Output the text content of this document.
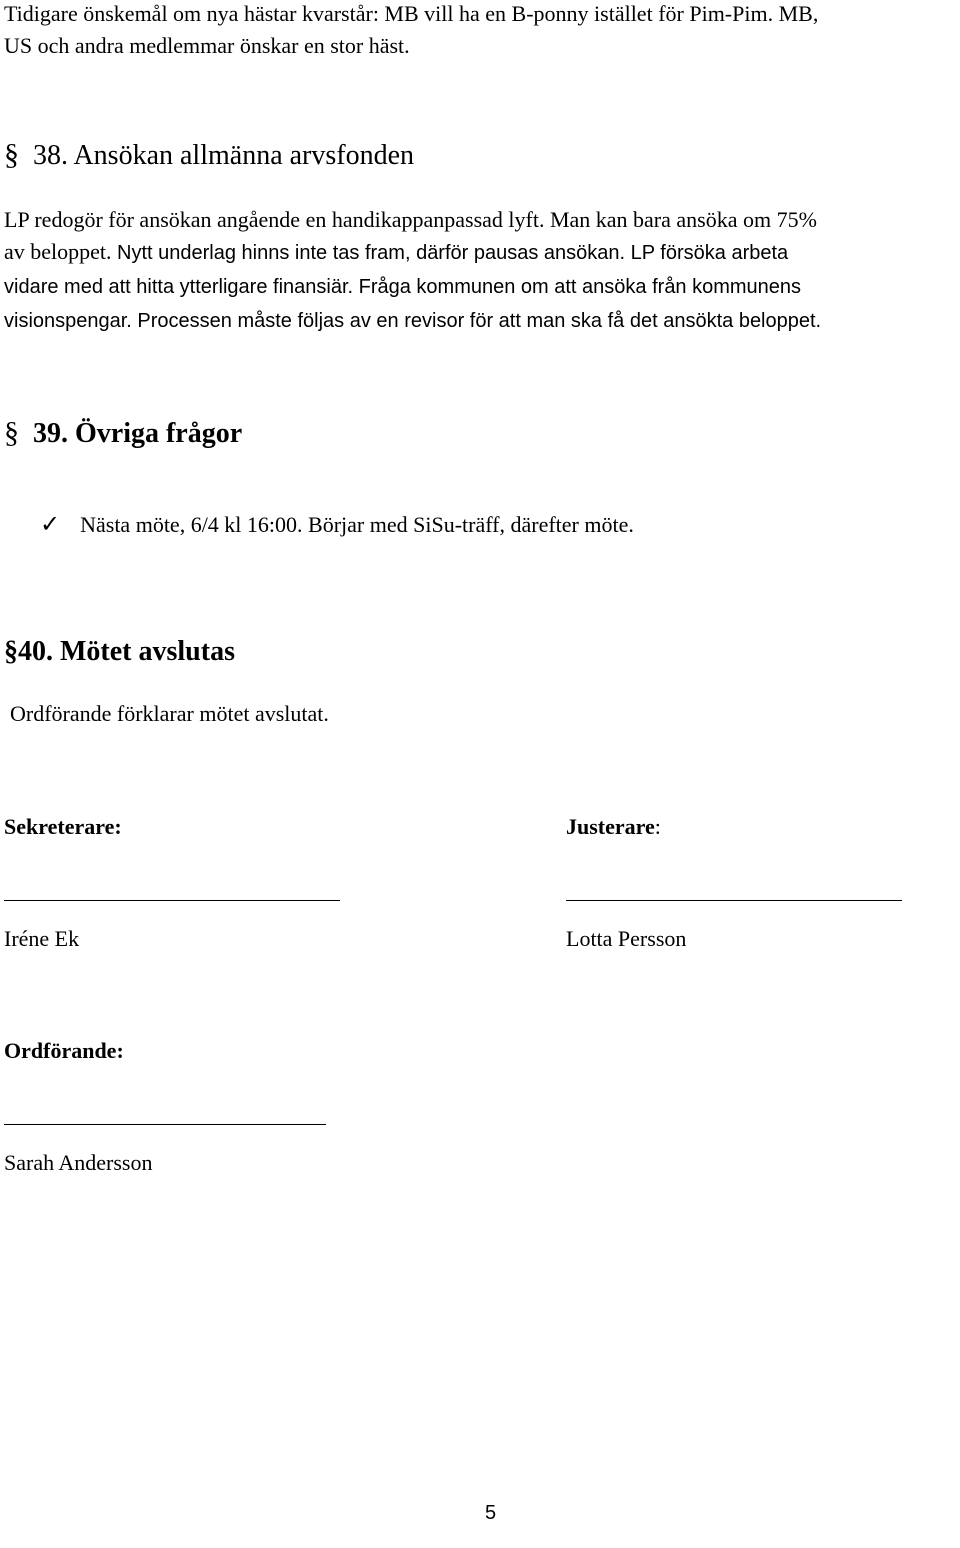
Tidigare önskemål om nya hästar kvarstår: MB vill ha en B-ponny istället för Pim-Pim. MB,
US och andra medlemmar önskar en stor häst.
§ 38. Ansökan allmänna arvsfonden
LP redogör för ansökan angående en handikappanpassad lyft. Man kan bara ansöka om 75%
av beloppet. Nytt underlag hinns inte tas fram, därför pausas ansökan. LP försöka arbeta
vidare med att hitta ytterligare finansiär. Fråga kommunen om att ansöka från kommunens
visionspengar. Processen måste följas av en revisor för att man ska få det ansökta beloppet.
§ 39. Övriga frågor
✓ Nästa möte, 6/4 kl 16:00. Börjar med SiSu-träff, därefter möte.
§40. Mötet avslutas
Ordförande förklarar mötet avslutat.
Sekreterare:	Justerare:
Iréne Ek	Lotta Persson
Ordförande:
Sarah Andersson
5
